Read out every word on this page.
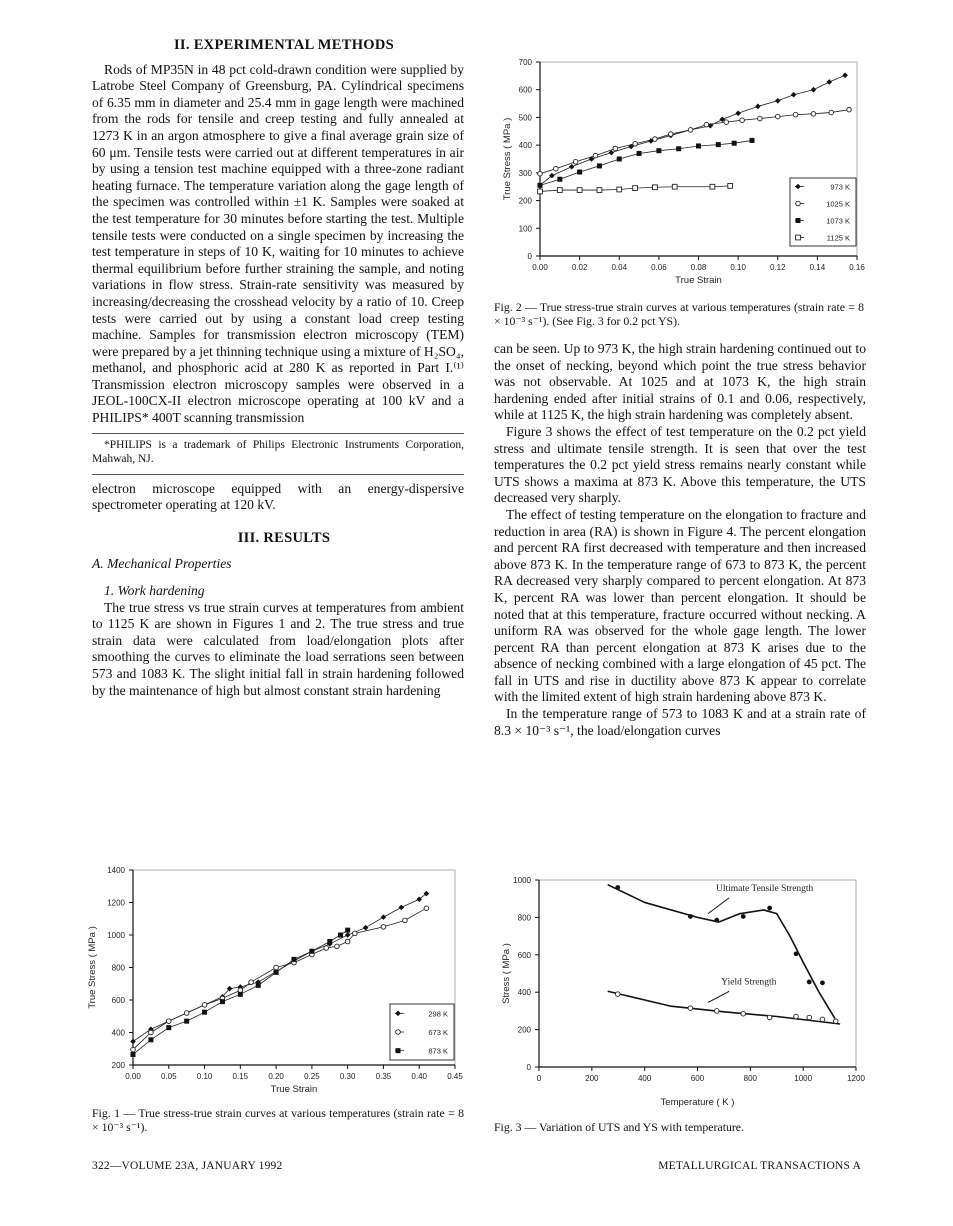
II. EXPERIMENTAL METHODS

Rods of MP35N in 48 pct cold-drawn condition were supplied by Latrobe Steel Company of Greensburg, PA. Cylindrical specimens of 6.35 mm in diameter and 25.4 mm in gage length were machined from the rods for tensile and creep testing and fully annealed at 1273 K in an argon atmosphere to give a final average grain size of 60 μm. Tensile tests were carried out at different temperatures in air by using a tension test machine equipped with a three-zone radiant heating furnace. The temperature variation along the gage length of the specimen was controlled within ±1 K. Samples were soaked at the test temperature for 30 minutes before starting the test. Multiple tensile tests were conducted on a single specimen by increasing the test temperature in steps of 10 K, waiting for 10 minutes to achieve thermal equilibrium before further straining the sample, and noting variations in flow stress. Strain-rate sensitivity was measured by increasing/decreasing the crosshead velocity by a ratio of 10. Creep tests were carried out by using a constant load creep testing machine. Samples for transmission electron microscopy (TEM) were prepared by a jet thinning technique using a mixture of H₂SO₄, methanol, and phosphoric acid at 280 K as reported in Part I.⁽¹⁾ Transmission electron microscopy samples were observed in a JEOL-100CX-II electron microscope operating at 100 kV and a PHILIPS* 400T scanning transmission

*PHILIPS is a trademark of Philips Electronic Instruments Corporation, Mahwah, NJ.

electron microscope equipped with an energy-dispersive spectrometer operating at 120 kV.

III. RESULTS

A. Mechanical Properties

1. Work hardening

The true stress vs true strain curves at temperatures from ambient to 1125 K are shown in Figures 1 and 2. The true stress and true strain data were calculated from load/elongation plots after smoothing the curves to eliminate the load serrations seen between 573 and 1083 K. The slight initial fall in strain hardening followed by the maintenance of high but almost constant strain hardening

can be seen. Up to 973 K, the high strain hardening continued out to the onset of necking, beyond which point the true stress behavior was not observable. At 1025 and at 1073 K, the high strain hardening ended after initial strains of 0.1 and 0.06, respectively, while at 1125 K, the high strain hardening was completely absent.

Figure 3 shows the effect of test temperature on the 0.2 pct yield stress and ultimate tensile strength. It is seen that over the test temperatures the 0.2 pct yield stress remains nearly constant while UTS shows a maxima at 873 K. Above this temperature, the UTS decreased very sharply.

The effect of testing temperature on the elongation to fracture and reduction in area (RA) is shown in Figure 4. The percent elongation and percent RA first decreased with temperature and then increased above 873 K. In the temperature range of 673 to 873 K, the percent RA decreased very sharply compared to percent elongation. At 873 K, percent RA was lower than percent elongation. It should be noted that at this temperature, fracture occurred without necking. A uniform RA was observed for the whole gage length. The lower percent RA than percent elongation at 873 K arises due to the absence of necking combined with a large elongation of 45 pct. The fall in UTS and rise in ductility above 873 K appear to correlate with the limited extent of high strain hardening above 873 K.

In the temperature range of 573 to 1083 K and at a strain rate of 8.3 × 10⁻³ s⁻¹, the load/elongation curves

0.00	0.02	0.04	0.06	0.08	0.10	0.12	0.14	0.16
0
100
200
300
400
500
600
700
True Strain
True Stress ( MPa )	973 K
1025 K
1073 K
1125 K
0.00	0.05	0.10	0.15	0.20	0.25	0.30	0.35	0.40	0.45
200
400
600
800
1000
1200
1400
True Strain
True Stress ( MPa )
298 K
673 K
873 K
0	200	400	600	800	1000	1200
0
200
400
600
800
1000
Temperature ( K )
Stress ( MPa )
Ultimate Tensile Strength
Yield Strength
Fig. 2 — True stress-true strain curves at various temperatures (strain rate = 8 × 10⁻³ s⁻¹). (See Fig. 3 for 0.2 pct YS).
Fig. 1 — True stress-true strain curves at various temperatures (strain rate = 8 × 10⁻³ s⁻¹).	Fig. 3 — Variation of UTS and YS with temperature.
322—VOLUME 23A, JANUARY 1992	METALLURGICAL TRANSACTIONS A
